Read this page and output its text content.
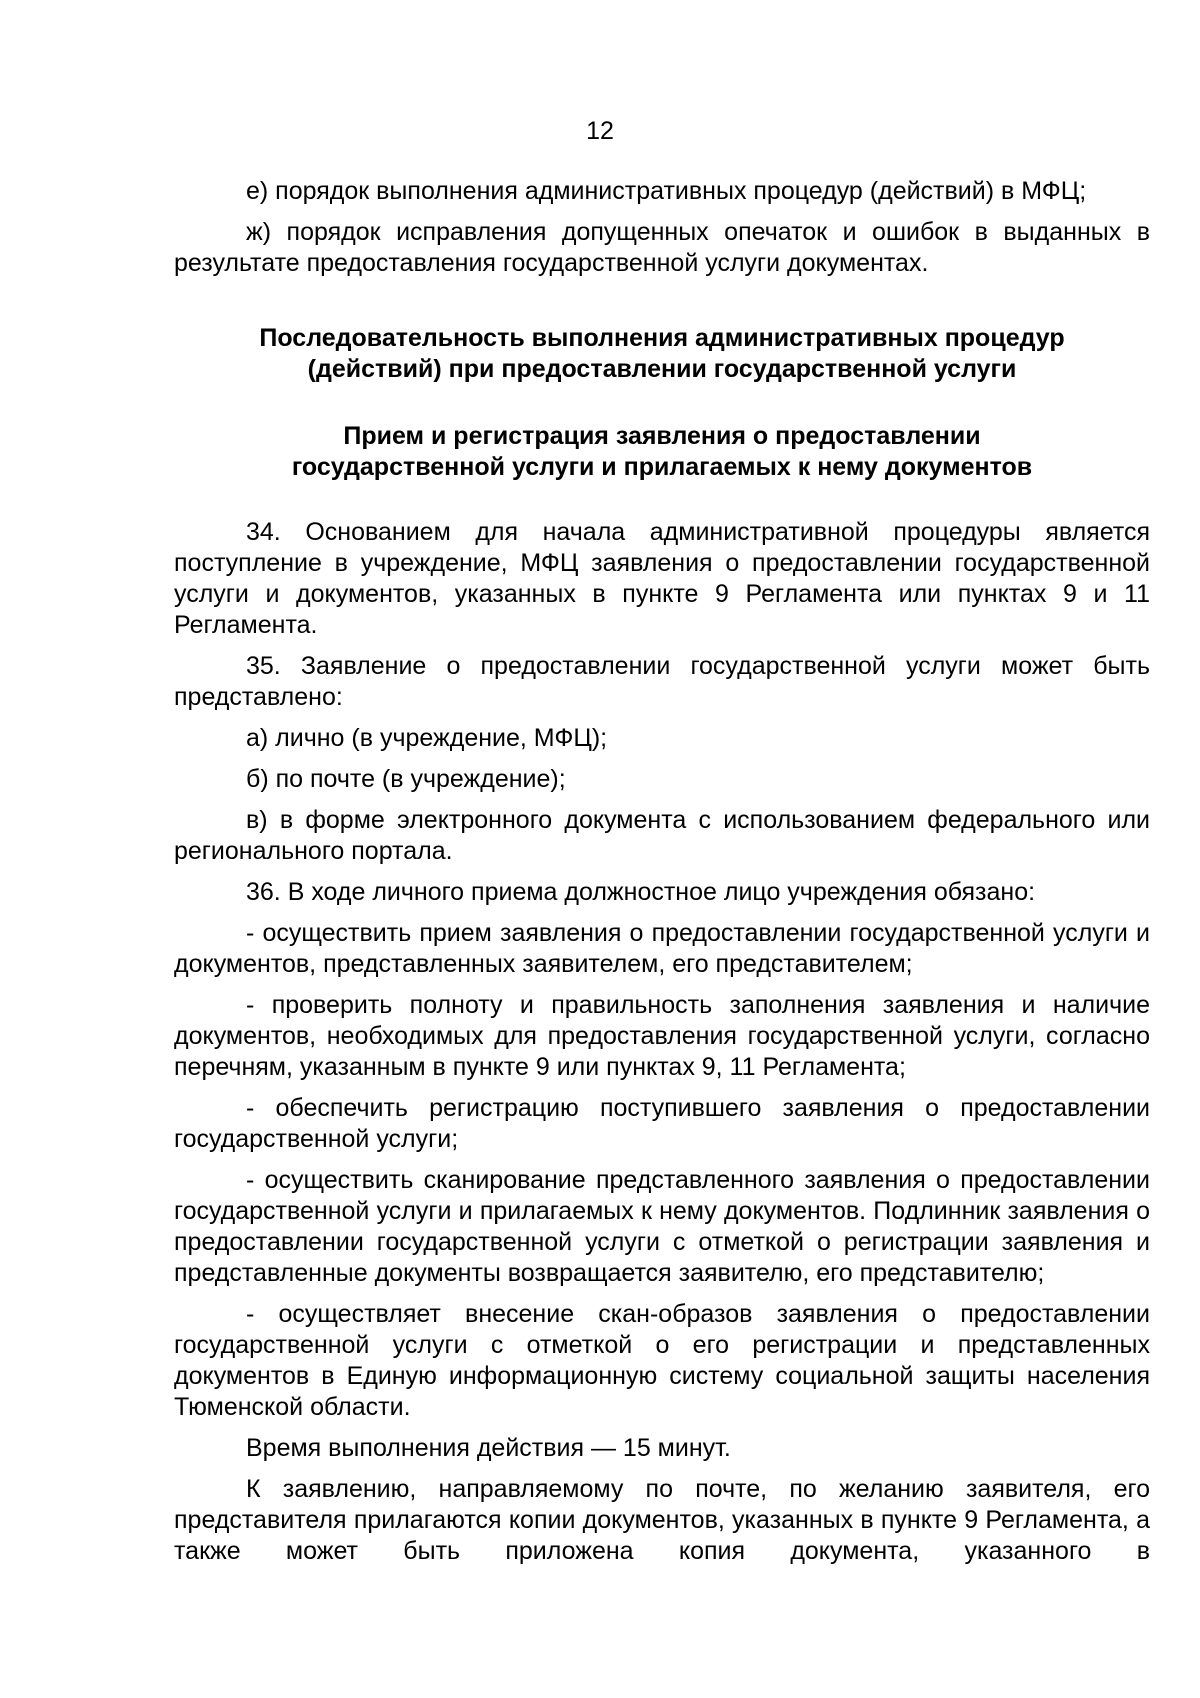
12

е) порядок выполнения административных процедур (действий) в МФЦ;

ж) порядок исправления допущенных опечаток и ошибок в выданных в результате предоставления государственной услуги документах.

Последовательность выполнения административных процедур
(действий) при предоставлении государственной услуги
Прием и регистрация заявления о предоставлении
государственной услуги и прилагаемых к нему документов

34. Основанием для начала административной процедуры является поступление в учреждение, МФЦ заявления о предоставлении государственной услуги и документов, указанных в пункте 9 Регламента или пунктах 9 и 11 Регламента.

35. Заявление о предоставлении государственной услуги может быть представлено:

а) лично (в учреждение, МФЦ);

б) по почте (в учреждение);

в) в форме электронного документа с использованием федерального или регионального портала.

36. В ходе личного приема должностное лицо учреждения обязано:

- осуществить прием заявления о предоставлении государственной услуги и документов, представленных заявителем, его представителем;

- проверить полноту и правильность заполнения заявления и наличие документов, необходимых для предоставления государственной услуги, согласно перечням, указанным в пункте 9 или пунктах 9, 11 Регламента;

- обеспечить регистрацию поступившего заявления о предоставлении государственной услуги;

- осуществить сканирование представленного заявления о предоставлении государственной услуги и прилагаемых к нему документов. Подлинник заявления о предоставлении государственной услуги с отметкой о регистрации заявления и представленные документы возвращается заявителю, его представителю;

- осуществляет внесение скан-образов заявления о предоставлении государственной услуги с отметкой о его регистрации и представленных документов в Единую информационную систему социальной защиты населения Тюменской области.

Время выполнения действия — 15 минут.

К заявлению, направляемому по почте, по желанию заявителя, его представителя прилагаются копии документов, указанных в пункте 9 Регламента, а также может быть приложена копия документа, указанного в
